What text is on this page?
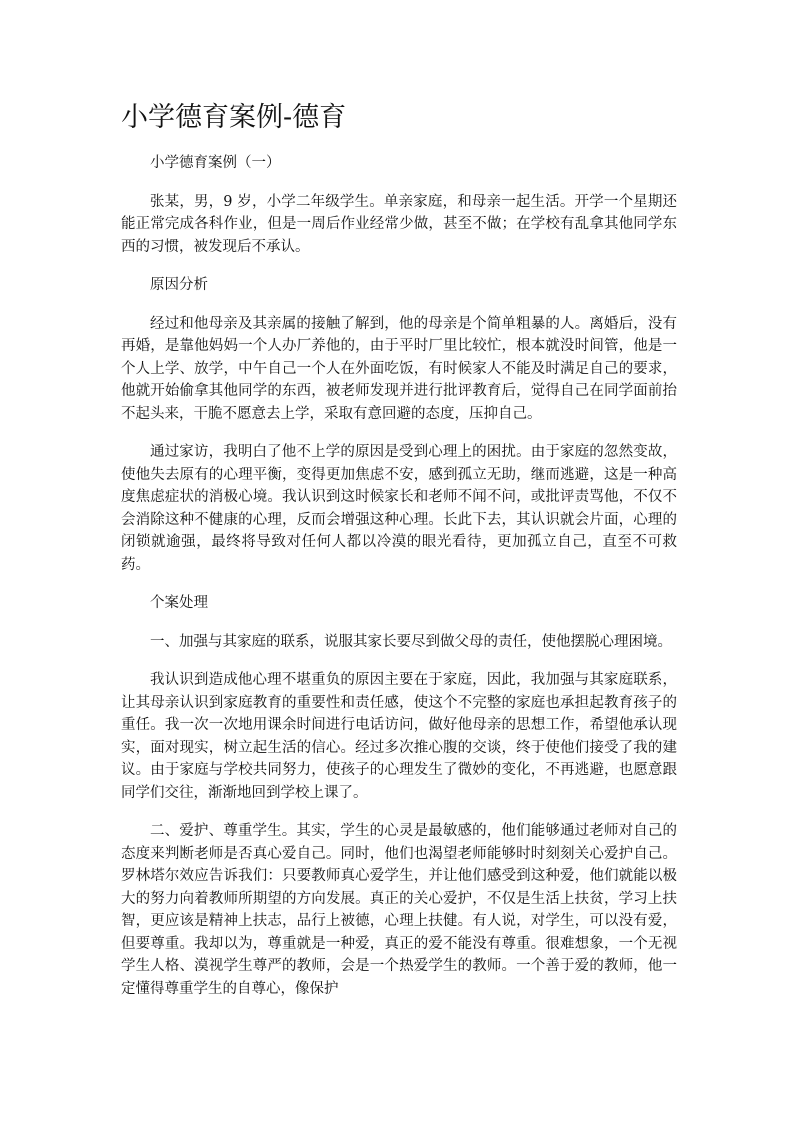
小学德育案例-德育

小学德育案例（一）

张某，男，9 岁，小学二年级学生。单亲家庭，和母亲一起生活。开学一个星期还能正常完成各科作业，但是一周后作业经常少做，甚至不做；在学校有乱拿其他同学东西的习惯，被发现后不承认。

原因分析

经过和他母亲及其亲属的接触了解到，他的母亲是个简单粗暴的人。离婚后，没有再婚，是靠他妈妈一个人办厂养他的，由于平时厂里比较忙，根本就没时间管，他是一个人上学、放学，中午自己一个人在外面吃饭，有时候家人不能及时满足自己的要求，他就开始偷拿其他同学的东西，被老师发现并进行批评教育后，觉得自己在同学面前抬不起头来，干脆不愿意去上学，采取有意回避的态度，压抑自己。

通过家访，我明白了他不上学的原因是受到心理上的困扰。由于家庭的忽然变故，使他失去原有的心理平衡，变得更加焦虑不安，感到孤立无助，继而逃避，这是一种高度焦虑症状的消极心境。我认识到这时候家长和老师不闻不问，或批评责骂他，不仅不会消除这种不健康的心理，反而会增强这种心理。长此下去，其认识就会片面，心理的闭锁就逾强，最终将导致对任何人都以冷漠的眼光看待，更加孤立自己，直至不可救药。

个案处理

一、加强与其家庭的联系，说服其家长要尽到做父母的责任，使他摆脱心理困境。

我认识到造成他心理不堪重负的原因主要在于家庭，因此，我加强与其家庭联系，让其母亲认识到家庭教育的重要性和责任感，使这个不完整的家庭也承担起教育孩子的重任。我一次一次地用课余时间进行电话访问，做好他母亲的思想工作，希望他承认现实，面对现实，树立起生活的信心。经过多次推心腹的交谈，终于使他们接受了我的建议。由于家庭与学校共同努力，使孩子的心理发生了微妙的变化，不再逃避，也愿意跟同学们交往，渐渐地回到学校上课了。

二、爱护、尊重学生。其实，学生的心灵是最敏感的，他们能够通过老师对自己的态度来判断老师是否真心爱自己。同时，他们也渴望老师能够时时刻刻关心爱护自己。罗林塔尔效应告诉我们：只要教师真心爱学生，并让他们感受到这种爱，他们就能以极大的努力向着教师所期望的方向发展。真正的关心爱护，不仅是生活上扶贫，学习上扶智，更应该是精神上扶志，品行上被德，心理上扶健。有人说，对学生，可以没有爱，但要尊重。我却以为，尊重就是一种爱，真正的爱不能没有尊重。很难想象，一个无视学生人格、漠视学生尊严的教师，会是一个热爱学生的教师。一个善于爱的教师，他一定懂得尊重学生的自尊心，像保护
